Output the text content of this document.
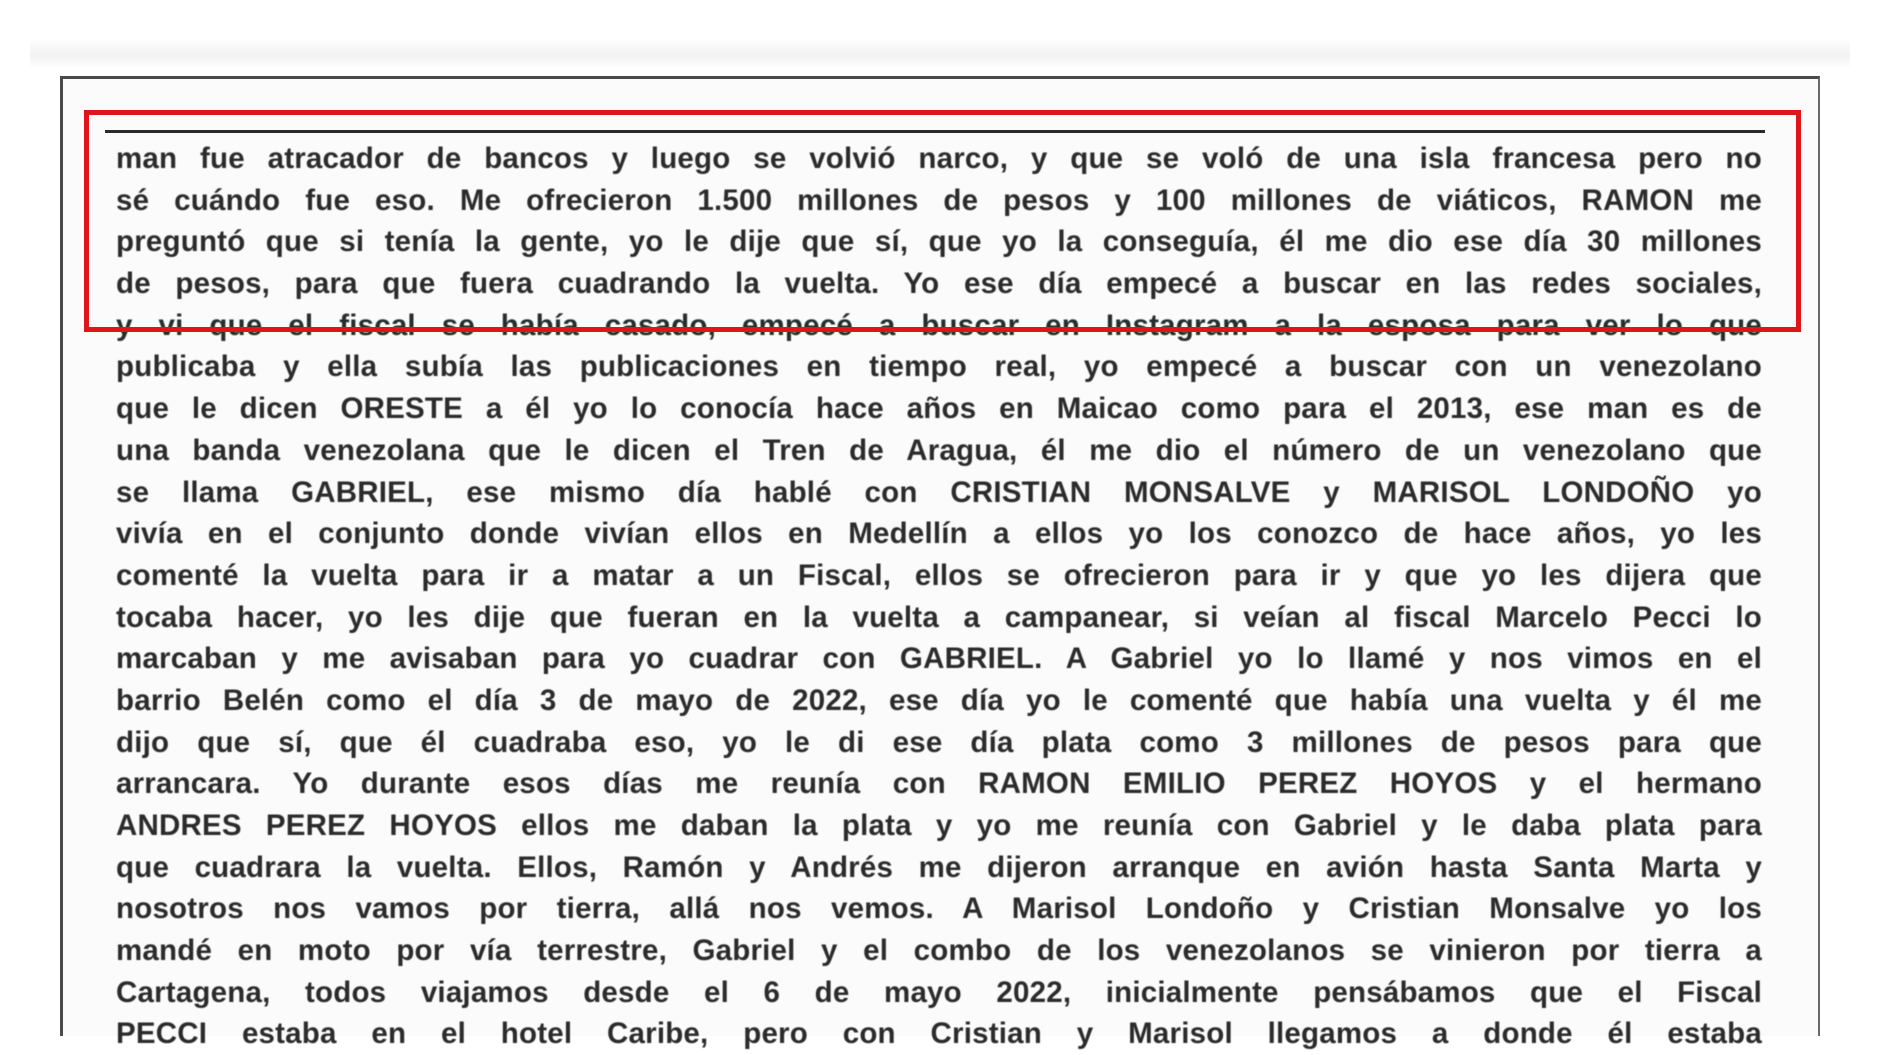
man fue atracador de bancos y luego se volvió narco, y que se voló de una isla francesa pero no
sé cuándo fue eso. Me ofrecieron 1.500 millones de pesos y 100 millones de viáticos, RAMON me
preguntó que si tenía la gente, yo le dije que sí, que yo la conseguía, él me dio ese día 30 millones
de pesos, para que fuera cuadrando la vuelta. Yo ese día empecé a buscar en las redes sociales,
y vi que el fiscal se había casado, empecé a buscar en Instagram a la esposa para ver lo que
publicaba y ella subía las publicaciones en tiempo real, yo empecé a buscar con un venezolano
que le dicen ORESTE a él yo lo conocía hace años en Maicao como para el 2013, ese man es de
una banda venezolana que le dicen el Tren de Aragua, él me dio el número de un venezolano que
se llama GABRIEL, ese mismo día hablé con CRISTIAN MONSALVE y MARISOL LONDOÑO yo
vivía en el conjunto donde vivían ellos en Medellín a ellos yo los conozco de hace años, yo les
comenté la vuelta para ir a matar a un Fiscal, ellos se ofrecieron para ir y que yo les dijera que
tocaba hacer, yo les dije que fueran en la vuelta a campanear, si veían al fiscal Marcelo Pecci lo
marcaban y me avisaban para yo cuadrar con GABRIEL. A Gabriel yo lo llamé y nos vimos en el
barrio Belén como el día 3 de mayo de 2022, ese día yo le comenté que había una vuelta y él me
dijo que sí, que él cuadraba eso, yo le di ese día plata como 3 millones de pesos para que
arrancara. Yo durante esos días me reunía con RAMON EMILIO PEREZ HOYOS y el hermano
ANDRES PEREZ HOYOS ellos me daban la plata y yo me reunía con Gabriel y le daba plata para
que cuadrara la vuelta. Ellos, Ramón y Andrés me dijeron arranque en avión hasta Santa Marta y
nosotros nos vamos por tierra, allá nos vemos. A Marisol Londoño y Cristian Monsalve yo los
mandé en moto por vía terrestre, Gabriel y el combo de los venezolanos se vinieron por tierra a
Cartagena, todos viajamos desde el 6 de mayo 2022, inicialmente pensábamos que el Fiscal
PECCI estaba en el hotel Caribe, pero con Cristian y Marisol llegamos a donde él estaba
